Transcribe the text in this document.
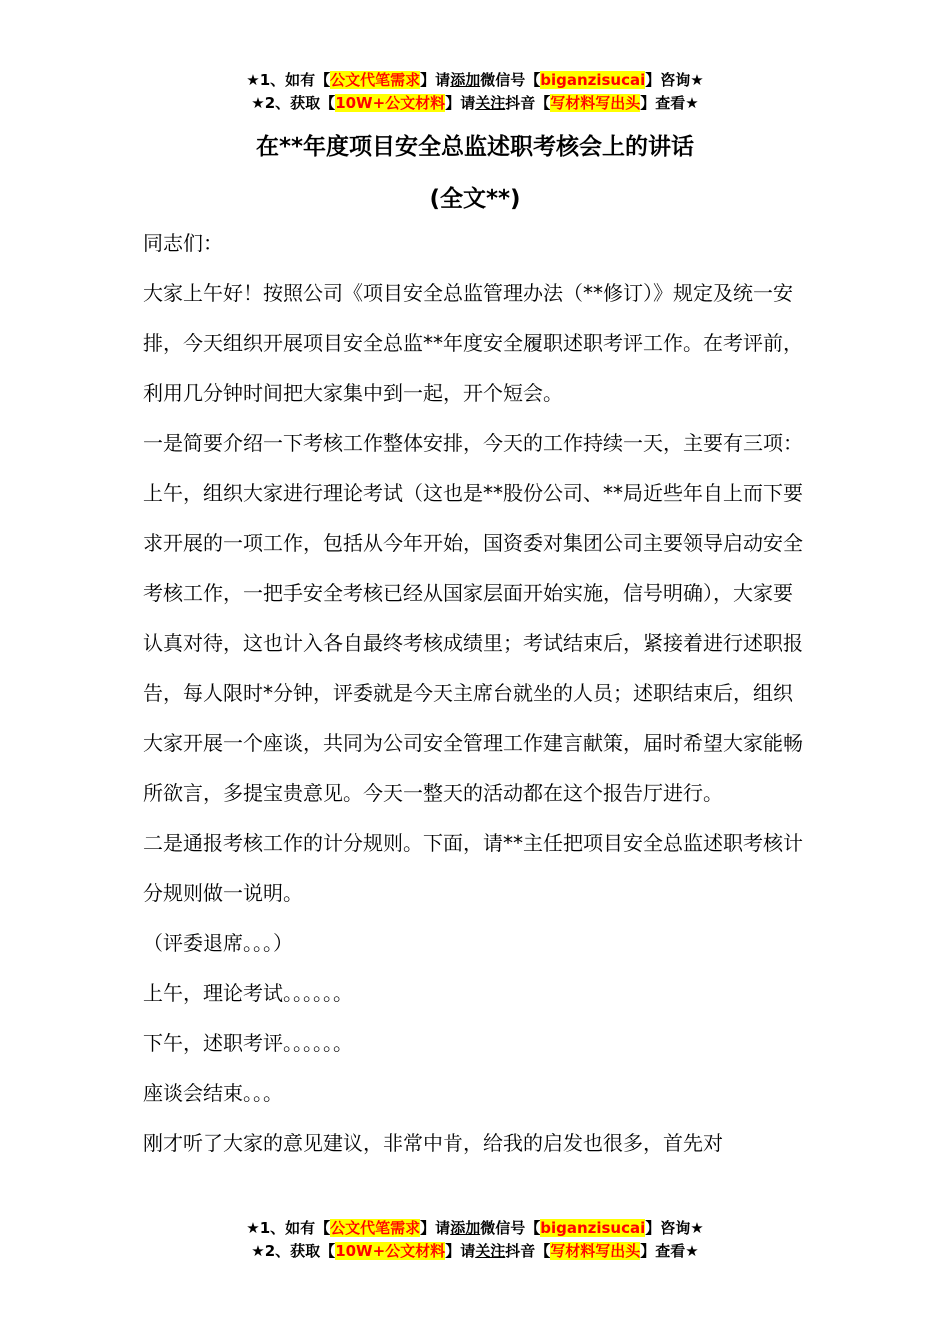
★1、如有【公文代笔需求】请添加微信号【biganzisucai】咨询★
★2、获取【10W+公文材料】请关注抖音【写材料写出头】查看★
在**年度项目安全总监述职考核会上的讲话
(全文**)

同志们：

大家上午好！按照公司《项目安全总监管理办法（**修订）》规定及统一安排，今天组织开展项目安全总监**年度安全履职述职考评工作。在考评前，利用几分钟时间把大家集中到一起，开个短会。

一是简要介绍一下考核工作整体安排，今天的工作持续一天，主要有三项：上午，组织大家进行理论考试（这也是**股份公司、**局近些年自上而下要求开展的一项工作，包括从今年开始，国资委对集团公司主要领导启动安全考核工作，一把手安全考核已经从国家层面开始实施，信号明确），大家要认真对待，这也计入各自最终考核成绩里；考试结束后，紧接着进行述职报告，每人限时*分钟，评委就是今天主席台就坐的人员；述职结束后，组织大家开展一个座谈，共同为公司安全管理工作建言献策，届时希望大家能畅所欲言，多提宝贵意见。今天一整天的活动都在这个报告厅进行。

二是通报考核工作的计分规则。下面，请**主任把项目安全总监述职考核计分规则做一说明。

（评委退席。。。）

上午，理论考试。。。。。。

下午，述职考评。。。。。。

座谈会结束。。。

刚才听了大家的意见建议，非常中肯，给我的启发也很多，首先对

★1、如有【公文代笔需求】请添加微信号【biganzisucai】咨询★
★2、获取【10W+公文材料】请关注抖音【写材料写出头】查看★
